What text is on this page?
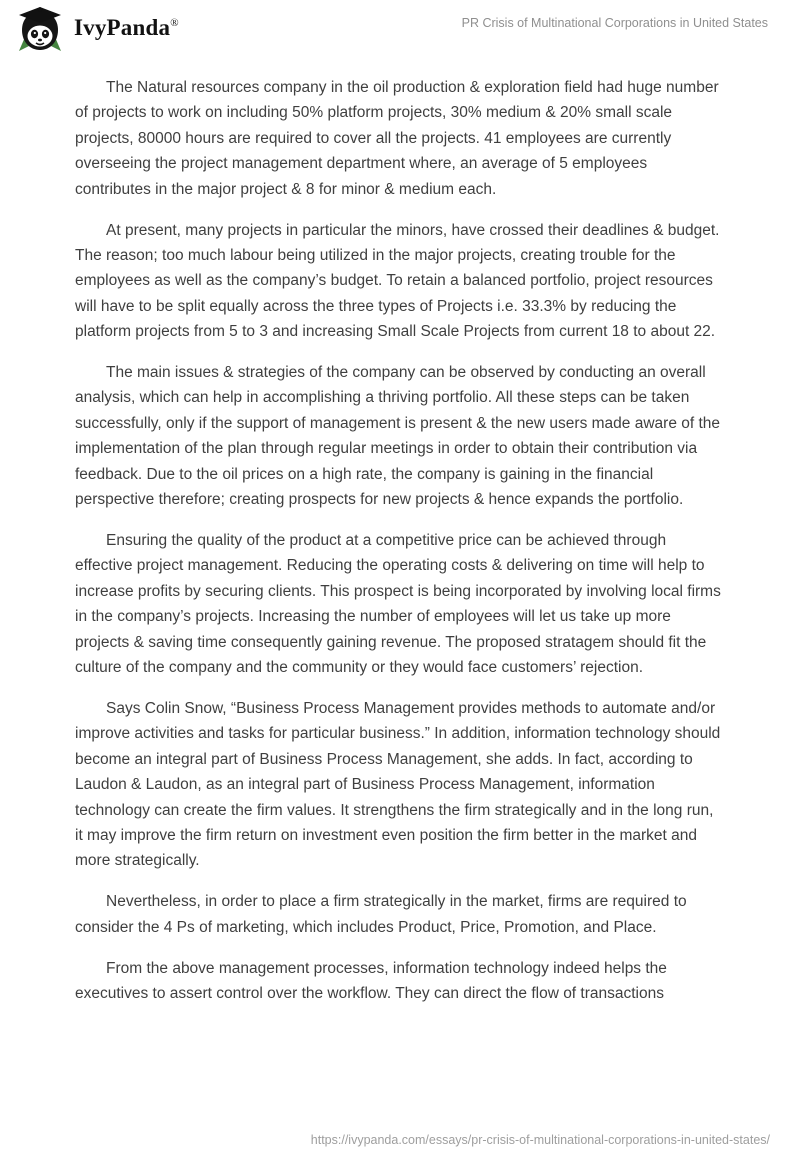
IvyPanda®	PR Crisis of Multinational Corporations in United States

The Natural resources company in the oil production & exploration field had huge number of projects to work on including 50% platform projects, 30% medium & 20% small scale projects, 80000 hours are required to cover all the projects. 41 employees are currently overseeing the project management department where, an average of 5 employees contributes in the major project & 8 for minor & medium each.

At present, many projects in particular the minors, have crossed their deadlines & budget. The reason; too much labour being utilized in the major projects, creating trouble for the employees as well as the company’s budget. To retain a balanced portfolio, project resources will have to be split equally across the three types of Projects i.e. 33.3% by reducing the platform projects from 5 to 3 and increasing Small Scale Projects from current 18 to about 22.

The main issues & strategies of the company can be observed by conducting an overall analysis, which can help in accomplishing a thriving portfolio. All these steps can be taken successfully, only if the support of management is present & the new users made aware of the implementation of the plan through regular meetings in order to obtain their contribution via feedback. Due to the oil prices on a high rate, the company is gaining in the financial perspective therefore; creating prospects for new projects & hence expands the portfolio.

Ensuring the quality of the product at a competitive price can be achieved through effective project management. Reducing the operating costs & delivering on time will help to increase profits by securing clients. This prospect is being incorporated by involving local firms in the company’s projects. Increasing the number of employees will let us take up more projects & saving time consequently gaining revenue. The proposed stratagem should fit the culture of the company and the community or they would face customers’ rejection.

Says Colin Snow, “Business Process Management provides methods to automate and/or improve activities and tasks for particular business.” In addition, information technology should become an integral part of Business Process Management, she adds. In fact, according to Laudon & Laudon, as an integral part of Business Process Management, information technology can create the firm values. It strengthens the firm strategically and in the long run, it may improve the firm return on investment even position the firm better in the market and more strategically.

Nevertheless, in order to place a firm strategically in the market, firms are required to consider the 4 Ps of marketing, which includes Product, Price, Promotion, and Place.

From the above management processes, information technology indeed helps the executives to assert control over the workflow. They can direct the flow of transactions

https://ivypanda.com/essays/pr-crisis-of-multinational-corporations-in-united-states/
